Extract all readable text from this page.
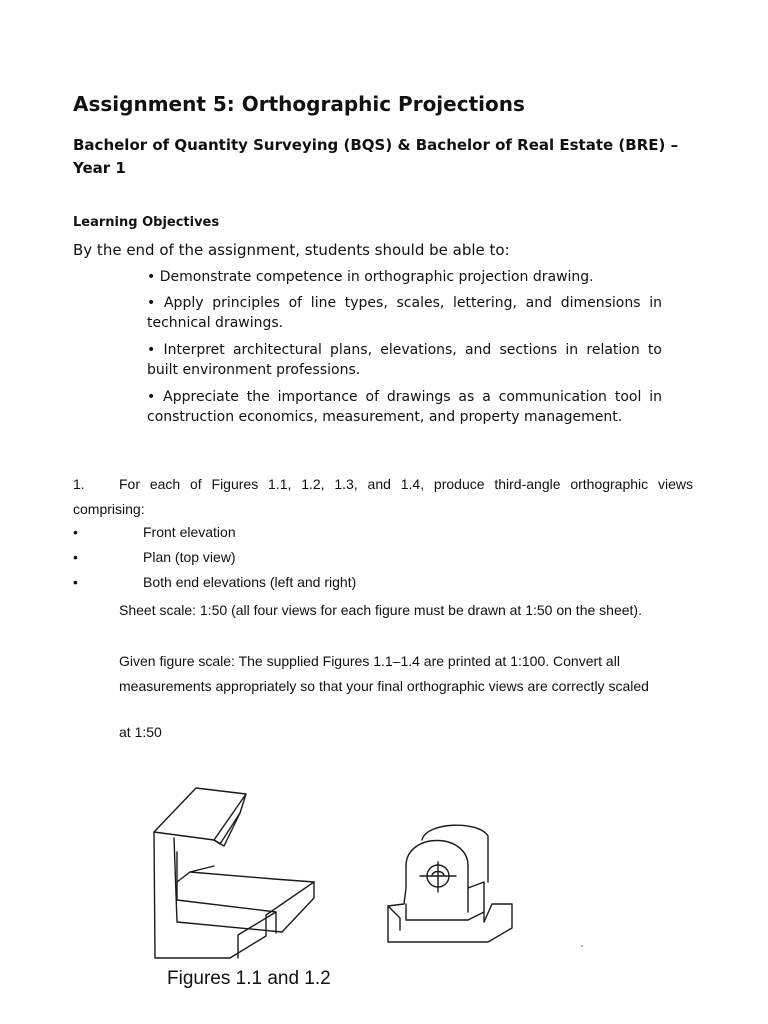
Assignment 5: Orthographic Projections
Bachelor of Quantity Surveying (BQS) & Bachelor of Real Estate (BRE) – Year 1
Learning Objectives
By the end of the assignment, students should be able to:
• Demonstrate competence in orthographic projection drawing.
• Apply principles of line types, scales, lettering, and dimensions in technical drawings.
• Interpret architectural plans, elevations, and sections in relation to built environment professions.
• Appreciate the importance of drawings as a communication tool in construction economics, measurement, and property management.
1. For each of Figures 1.1, 1.2, 1.3, and 1.4, produce third-angle orthographic views comprising:
•	Front elevation
•	Plan (top view)
•	Both end elevations (left and right)
Sheet scale: 1:50 (all four views for each figure must be drawn at 1:50 on the sheet).
Given figure scale: The supplied Figures 1.1–1.4 are printed at 1:100. Convert all measurements appropriately so that your final orthographic views are correctly scaled
at 1:50
Figures 1.1 and 1.2
